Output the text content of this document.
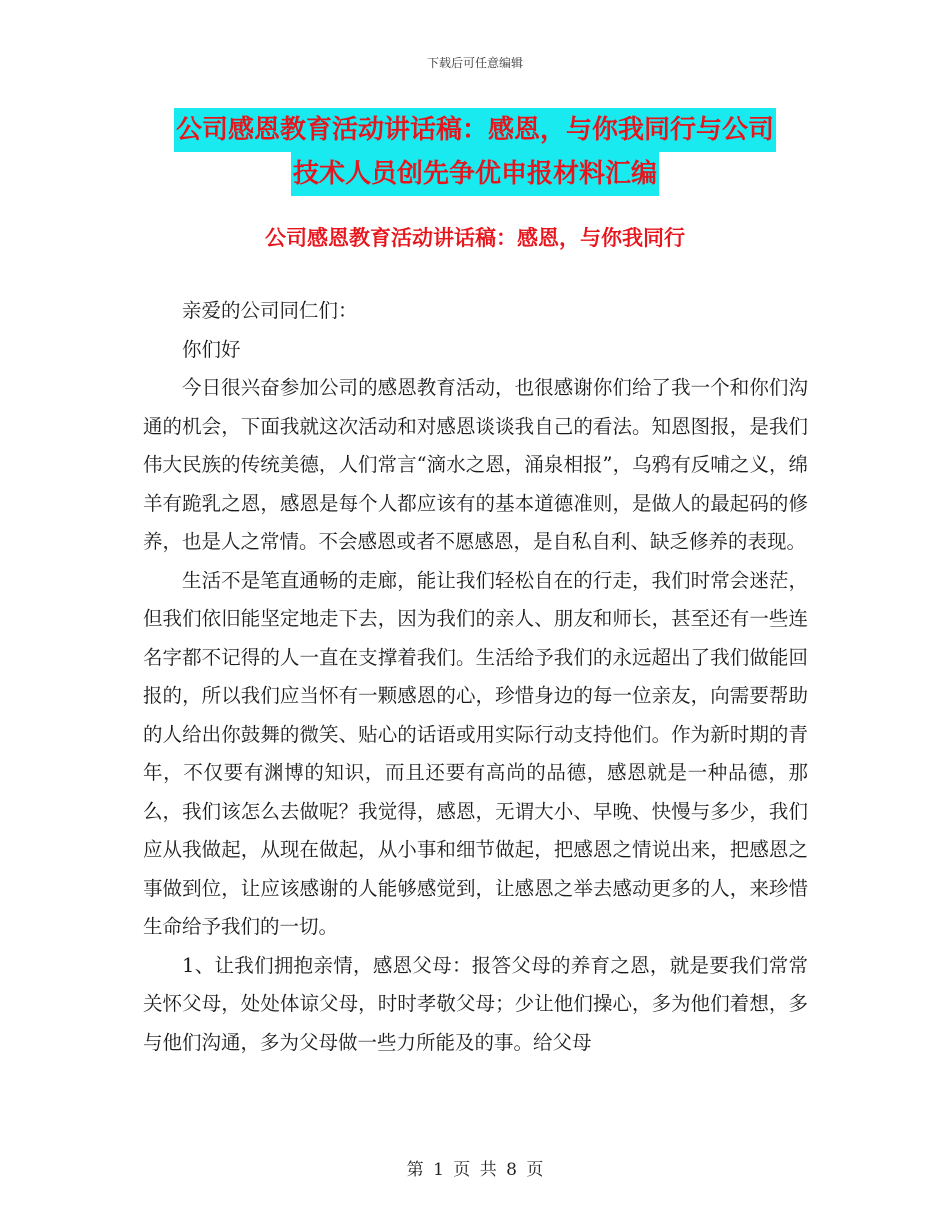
下载后可任意编辑
公司感恩教育活动讲话稿：感恩，与你我同行与公司
技术人员创先争优申报材料汇编
公司感恩教育活动讲话稿：感恩，与你我同行

亲爱的公司同仁们：

你们好

今日很兴奋参加公司的感恩教育活动，也很感谢你们给了我一个和你们沟通的机会，下面我就这次活动和对感恩谈谈我自己的看法。知恩图报，是我们伟大民族的传统美德，人们常言“滴水之恩，涌泉相报”，乌鸦有反哺之义，绵羊有跪乳之恩，感恩是每个人都应该有的基本道德准则，是做人的最起码的修养，也是人之常情。不会感恩或者不愿感恩，是自私自利、缺乏修养的表现。

生活不是笔直通畅的走廊，能让我们轻松自在的行走，我们时常会迷茫，但我们依旧能坚定地走下去，因为我们的亲人、朋友和师长，甚至还有一些连名字都不记得的人一直在支撑着我们。生活给予我们的永远超出了我们做能回报的，所以我们应当怀有一颗感恩的心，珍惜身边的每一位亲友，向需要帮助的人给出你鼓舞的微笑、贴心的话语或用实际行动支持他们。作为新时期的青年，不仅要有渊博的知识，而且还要有高尚的品德，感恩就是一种品德，那么，我们该怎么去做呢？我觉得，感恩，无谓大小、早晚、快慢与多少，我们应从我做起，从现在做起，从小事和细节做起，把感恩之情说出来，把感恩之事做到位，让应该感谢的人能够感觉到，让感恩之举去感动更多的人，来珍惜生命给予我们的一切。

1、让我们拥抱亲情，感恩父母：报答父母的养育之恩，就是要我们常常关怀父母，处处体谅父母，时时孝敬父母；少让他们操心，多为他们着想，多与他们沟通，多为父母做一些力所能及的事。给父母

第 1 页 共 8 页
